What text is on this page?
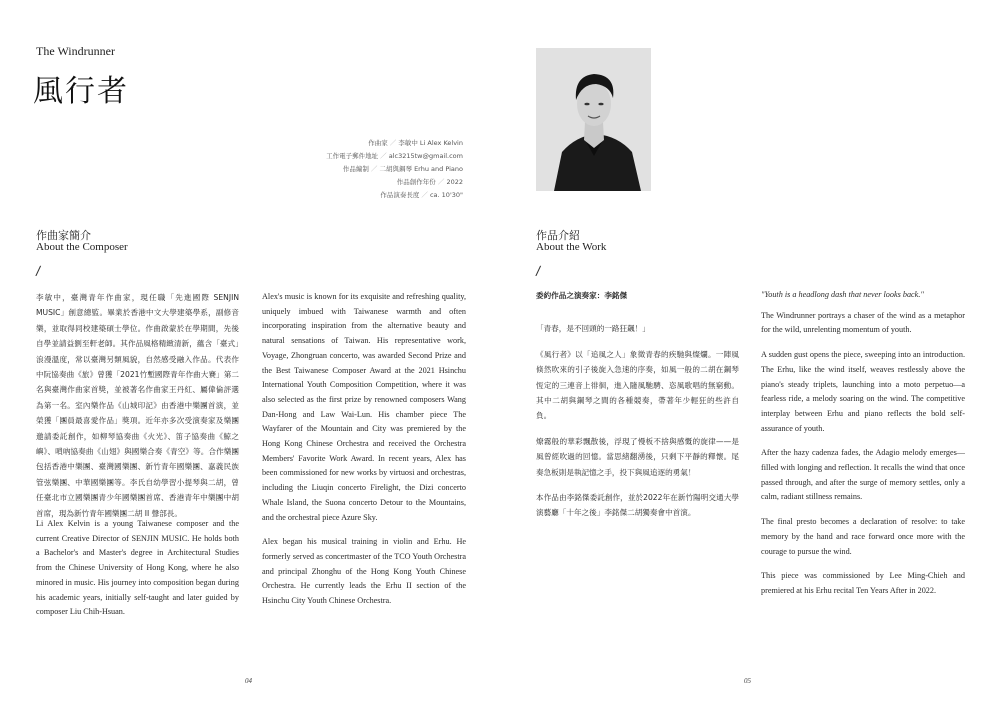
The Windrunner
風行者
作曲家 ／ 李敏中 Li Alex Kelvin
工作電子郵件地址 ／ alc3215tw@gmail.com
作品編制 ／ 二胡與鋼琴 Erhu and Piano
作品創作年份 ／ 2022
作品演奏長度 ／ ca. 10'30"
作曲家簡介
About the Composer
/

李敏中，臺灣青年作曲家，現任職「先進國際 SENJIN MUSIC」創意總監。畢業於香港中文大學建築學系，副修音樂，並取得同校建築碩士學位。作曲啟蒙於在學期間，先後自學並請益劉至軒老師。其作品風格精緻清新，蘊含「臺式」浪漫溫度，常以臺灣另類風貌，自然感受融入作品。代表作中阮協奏曲《旅》曾獲「2021竹塹國際青年作曲大賽」第二名與臺灣作曲家首獎，並被著名作曲家王丹紅、屬偉倫評選為第一名。室內樂作品《山城印記》由香港中樂團首演，並榮獲「團員最喜愛作品」獎項。近年亦多次受演奏家及樂團邀請委託創作，如柳琴協奏曲《火光》、笛子協奏曲《鯨之嶼》、嗩吶協奏曲《山翅》與國樂合奏《青空》等。合作樂團包括香港中樂團、臺灣國樂團、新竹青年國樂團、嘉義民族管弦樂團、中華國樂團等。李氏自幼學習小提琴與二胡，曾任臺北市立國樂團青少年國樂團首席、香港青年中樂團中胡首席，現為新竹青年國樂團二胡 II 聲部長。

Li Alex Kelvin is a young Taiwanese composer and the current Creative Director of SENJIN MUSIC. He holds both a Bachelor's and Master's degree in Architectural Studies from the Chinese University of Hong Kong, where he also minored in music. His journey into composition began during his academic years, initially self-taught and later guided by composer Liu Chih-Hsuan.

Alex's music is known for its exquisite and refreshing quality, uniquely imbued with Taiwanese warmth and often incorporating inspiration from the alternative beauty and natural sensations of Taiwan. His representative work, Voyage, Zhongruan concerto, was awarded Second Prize and the Best Taiwanese Composer Award at the 2021 Hsinchu International Youth Composition Competition, where it was also selected as the first prize by renowned composers Wang Dan-Hong and Law Wai-Lun. His chamber piece The Wayfarer of the Mountain and City was premiered by the Hong Kong Chinese Orchestra and received the Orchestra Members' Favorite Work Award. In recent years, Alex has been commissioned for new works by virtuosi and orchestras, including the Liuqin concerto Firelight, the Dizi concerto Whale Island, the Suona concerto Detour to the Mountains, and the orchestral piece Azure Sky.

Alex began his musical training in violin and Erhu. He formerly served as concertmaster of the TCO Youth Orchestra and principal Zhonghu of the Hong Kong Youth Chinese Orchestra. He currently leads the Erhu II section of the Hsinchu City Youth Chinese Orchestra.

作品介紹
About the Work
/

委約作品之演奏家：李銘傑

「青春，是不回頭的一路狂飆！」

《風行者》以「追風之人」象徵青春的疾馳與燦爛。一陣風倏然吹來的引子後旋入急速的序奏，如風一般的二胡在鋼琴恆定的三連音上徘徊，進入隨風馳騁、恣風歌唱的無窮動。其中二胡與鋼琴之間的各種競奏，帶著年少輕狂的些許自負。

燎霧般的華彩飄散後，浮現了慢板不捨與感慨的旋律——是風曾經吹過的回憶。當思緒翻湧後，只剩下平靜的釋懷。尾奏急板則是執記憶之手，投下與風追逐的勇氣！

本作品由李銘傑委託創作，並於2022年在新竹陽明交通大學演藝廳「十年之後」李銘傑二胡獨奏會中首演。

"Youth is a headlong dash that never looks back."

The Windrunner portrays a chaser of the wind as a metaphor for the wild, unrelenting momentum of youth.

A sudden gust opens the piece, sweeping into an introduction. The Erhu, like the wind itself, weaves restlessly above the piano's steady triplets, launching into a moto perpetuo—a fearless ride, a melody soaring on the wind. The competitive interplay between Erhu and piano reflects the bold self-assurance of youth.

After the hazy cadenza fades, the Adagio melody emerges—filled with longing and reflection. It recalls the wind that once passed through, and after the surge of memory settles, only a calm, radiant stillness remains.

The final presto becomes a declaration of resolve: to take memory by the hand and race forward once more with the courage to pursue the wind.

This piece was commissioned by Lee Ming-Chieh and premiered at his Erhu recital Ten Years After in 2022.

04	05
